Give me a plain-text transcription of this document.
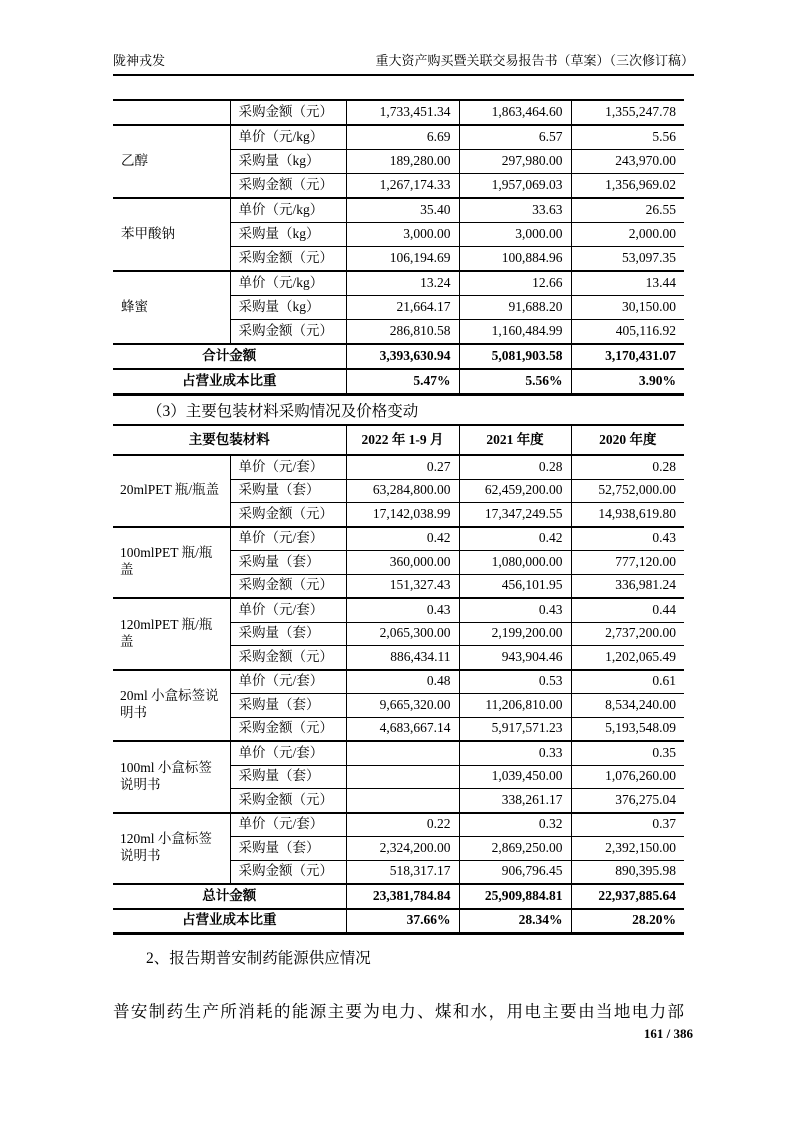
陇神戎发	重大资产购买暨关联交易报告书（草案）（三次修订稿）
	采购金额（元）	1,733,451.34	1,863,464.60	1,355,247.78
乙醇	单价（元/kg）	6.69	6.57	5.56
	采购量（kg）	189,280.00	297,980.00	243,970.00
	采购金额（元）	1,267,174.33	1,957,069.03	1,356,969.02
苯甲酸钠	单价（元/kg）	35.40	33.63	26.55
	采购量（kg）	3,000.00	3,000.00	2,000.00
	采购金额（元）	106,194.69	100,884.96	53,097.35
蜂蜜	单价（元/kg）	13.24	12.66	13.44
	采购量（kg）	21,664.17	91,688.20	30,150.00
	采购金额（元）	286,810.58	1,160,484.99	405,116.92
合计金额		3,393,630.94	5,081,903.58	3,170,431.07
占营业成本比重		5.47%	5.56%	3.90%
（3）主要包装材料采购情况及价格变动
主要包装材料		2022 年 1-9 月	2021 年度	2020 年度
20mlPET 瓶/瓶盖	单价（元/套）	0.27	0.28	0.28
	采购量（套）	63,284,800.00	62,459,200.00	52,752,000.00
	采购金额（元）	17,142,038.99	17,347,249.55	14,938,619.80
100mlPET 瓶/瓶盖	单价（元/套）	0.42	0.42	0.43
	采购量（套）	360,000.00	1,080,000.00	777,120.00
	采购金额（元）	151,327.43	456,101.95	336,981.24
120mlPET 瓶/瓶盖	单价（元/套）	0.43	0.43	0.44
	采购量（套）	2,065,300.00	2,199,200.00	2,737,200.00
	采购金额（元）	886,434.11	943,904.46	1,202,065.49
20ml 小盒标签说明书	单价（元/套）	0.48	0.53	0.61
	采购量（套）	9,665,320.00	11,206,810.00	8,534,240.00
	采购金额（元）	4,683,667.14	5,917,571.23	5,193,548.09
100ml 小盒标签说明书	单价（元/套）		0.33	0.35
	采购量（套）		1,039,450.00	1,076,260.00
	采购金额（元）		338,261.17	376,275.04
120ml 小盒标签说明书	单价（元/套）	0.22	0.32	0.37
	采购量（套）	2,324,200.00	2,869,250.00	2,392,150.00
	采购金额（元）	518,317.17	906,796.45	890,395.98
总计金额		23,381,784.84	25,909,884.81	22,937,885.64
占营业成本比重		37.66%	28.34%	28.20%
2、报告期普安制药能源供应情况
普安制药生产所消耗的能源主要为电力、煤和水，用电主要由当地电力部
161 / 386
